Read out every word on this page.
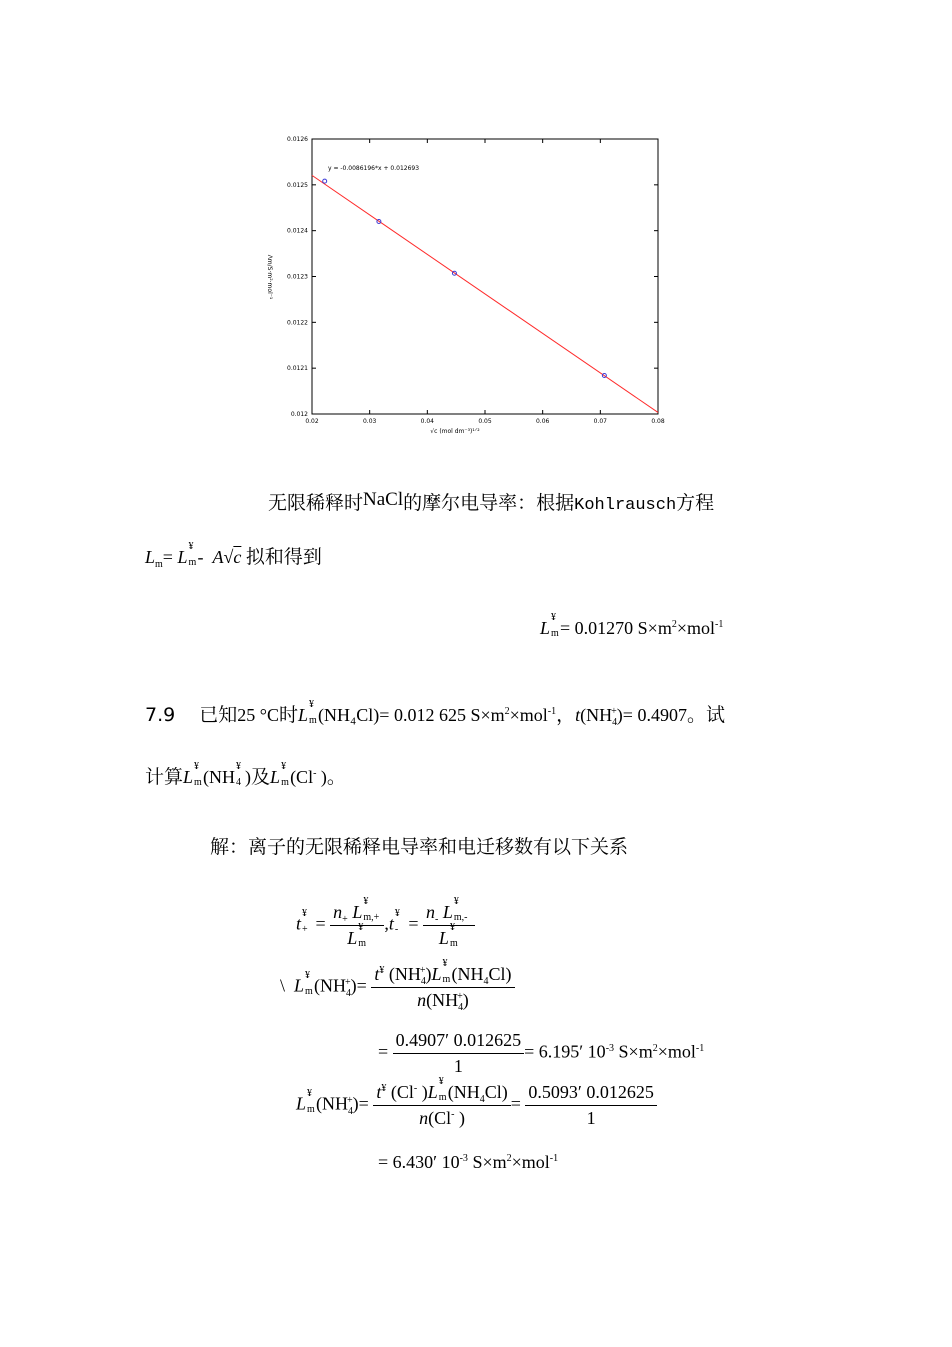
0.02	0.03	0.04	0.05	0.06	0.07	0.08
0.012
0.0121
0.0122
0.0123
0.0124
0.0125
0.0126
y = -0.0086196*x + 0.012693
√c (mol dm⁻³)¹ᐟ²
Λm/S·m²·mol⁻¹
无限稀释时NaCl的摩尔电导率：根据Kohlrausch方程
$L_m= L$
¥
m -  A√c 拟和得到
L
¥
m = 0.01270 $S\times m^2\times mol^{-1}$
7.9 已知25 °C时L
¥
m (NH₄Cl)= 0.012 625 $S\times m^2\times mol^{-1}$，$t(NH_4^+)= 0.4907$。试
计算L
¥
m (NH
¥
4 )及L
¥
m (Cl- )。
解：离子的无限稀释电导率和电迁移数有以下关系
t
¥
+ = $n_+$ L
¥
m,+

L
¥
m ,t
¥
- = $n_-$ L
¥
m,-

L
¥
m
\ L
¥
m $(NH_4^+)= t^¥$ $(NH_4^+)L$
¥
m $(NH_4Cl)$
$n(NH_4^+)$
= $\frac{0.4907' 0.012625}{1} = 6.195'$ $10^{-3}$ $S\times m^2\times mol^{-1}$
L
¥
m $(NH_4^+)= t^¥$ (Cl- )L
¥
m $(NH_4Cl)$
n(Cl- ) = $\frac{0.5093' 0.012625}{1}$
= 6.430′ $10^{-3}$ $S\times m^2\times mol^{-1}$
